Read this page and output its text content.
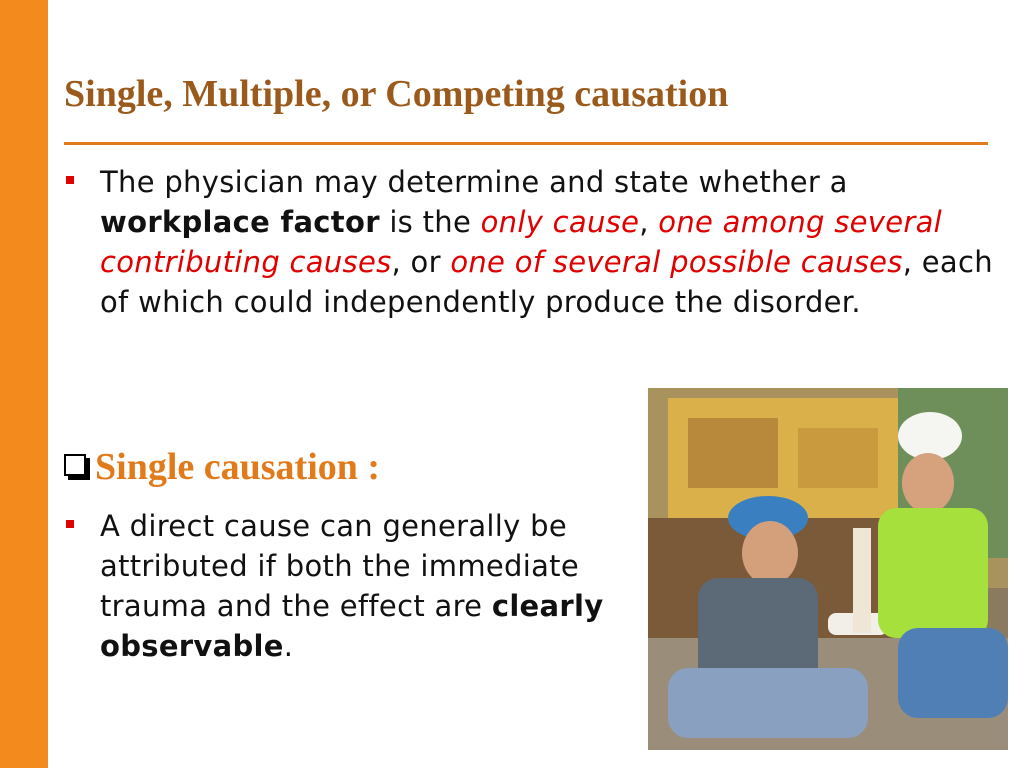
Single, Multiple, or Competing causation

The physician may determine and state whether a workplace factor is the only cause, one among several contributing causes, or one of several possible causes, each of which could independently produce the disorder.

Single causation :

A direct cause can generally be attributed if both the immediate trauma and the effect are clearly observable.
